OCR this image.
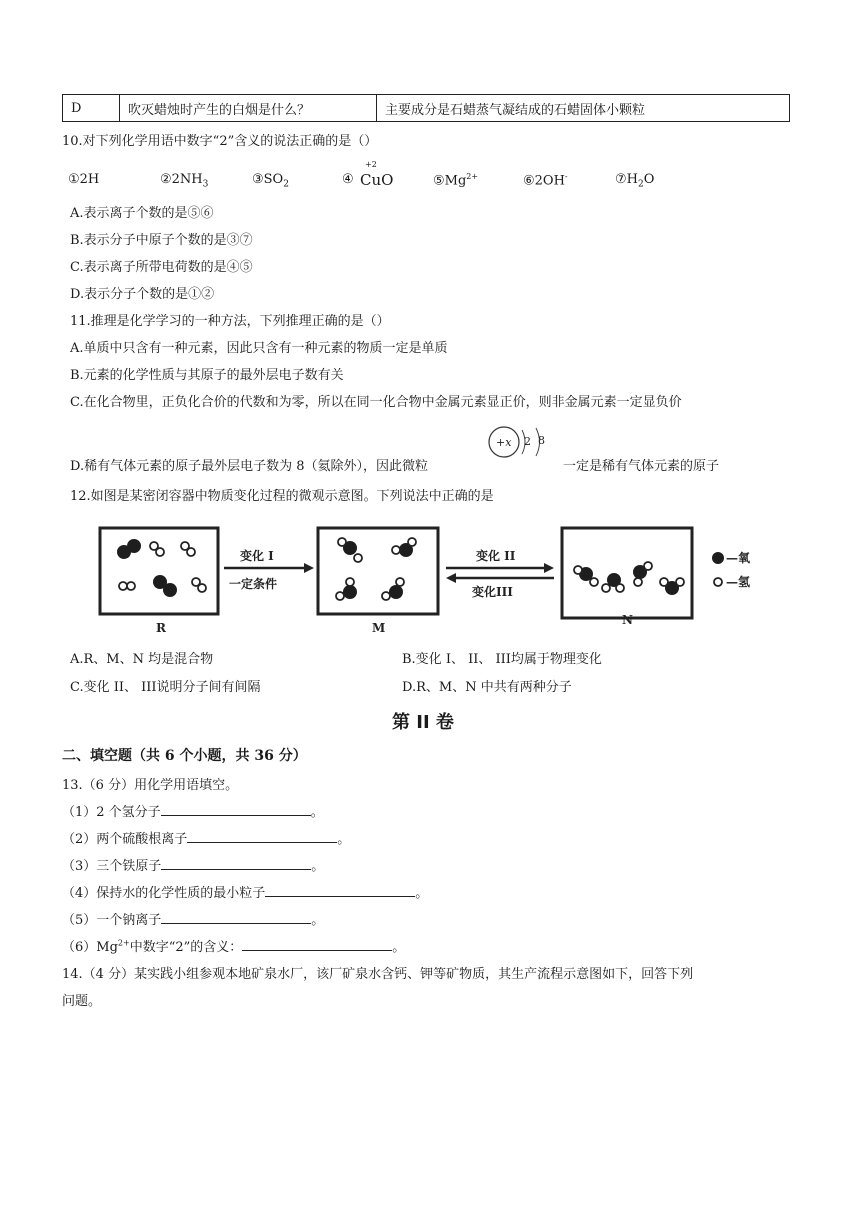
D	吹灭蜡烛时产生的白烟是什么？	主要成分是石蜡蒸气凝结成的石蜡固体小颗粒
10.对下列化学用语中数字“2”含义的说法正确的是（）
①2H	$②2NH_3$	$③SO_2$	④
+2
CuO	$⑤Mg^{2+}$	⑥2OH-	$⑦H_2O$
A.表示离子个数的是⑤⑥
B.表示分子中原子个数的是③⑦
C.表示离子所带电荷数的是④⑤
D.表示分子个数的是①②
11.推理是化学学习的一种方法，下列推理正确的是（）
A.单质中只含有一种元素，因此只含有一种元素的物质一定是单质
B.元素的化学性质与其原子的最外层电子数有关
C.在化合物里，正负化合价的代数和为零，所以在同一化合物中金属元素显正价，则非金属元素一定显负价
D.稀有气体元素的原子最外层电子数为 8（氦除外），因此微粒
+x 2 8
一定是稀有气体元素的原子
12.如图是某密闭容器中物质变化过程的微观示意图。下列说法中正确的是
R
变化 I
一定条件
M
变化 II
变化III
N
—氧
—氢
A.R、M、N 均是混合物	B.变化 I、 II、 III均属于物理变化
C.变化 II、 III说明分子间有间隔	D.R、M、N 中共有两种分子
第 II 卷
二、填空题（共 6 个小题，共 36 分）
13.（6 分）用化学用语填空。
（1）2 个氢分子	。
（2）两个硫酸根离子	。
（3）三个铁原子	。
（4）保持水的化学性质的最小粒子	。
（5）一个钠离子	。
$(6)Mg^{2+}$中数字“2”的含义：	。
14.（4 分）某实践小组参观本地矿泉水厂，该厂矿泉水含钙、钾等矿物质，其生产流程示意图如下，回答下列
问题。
